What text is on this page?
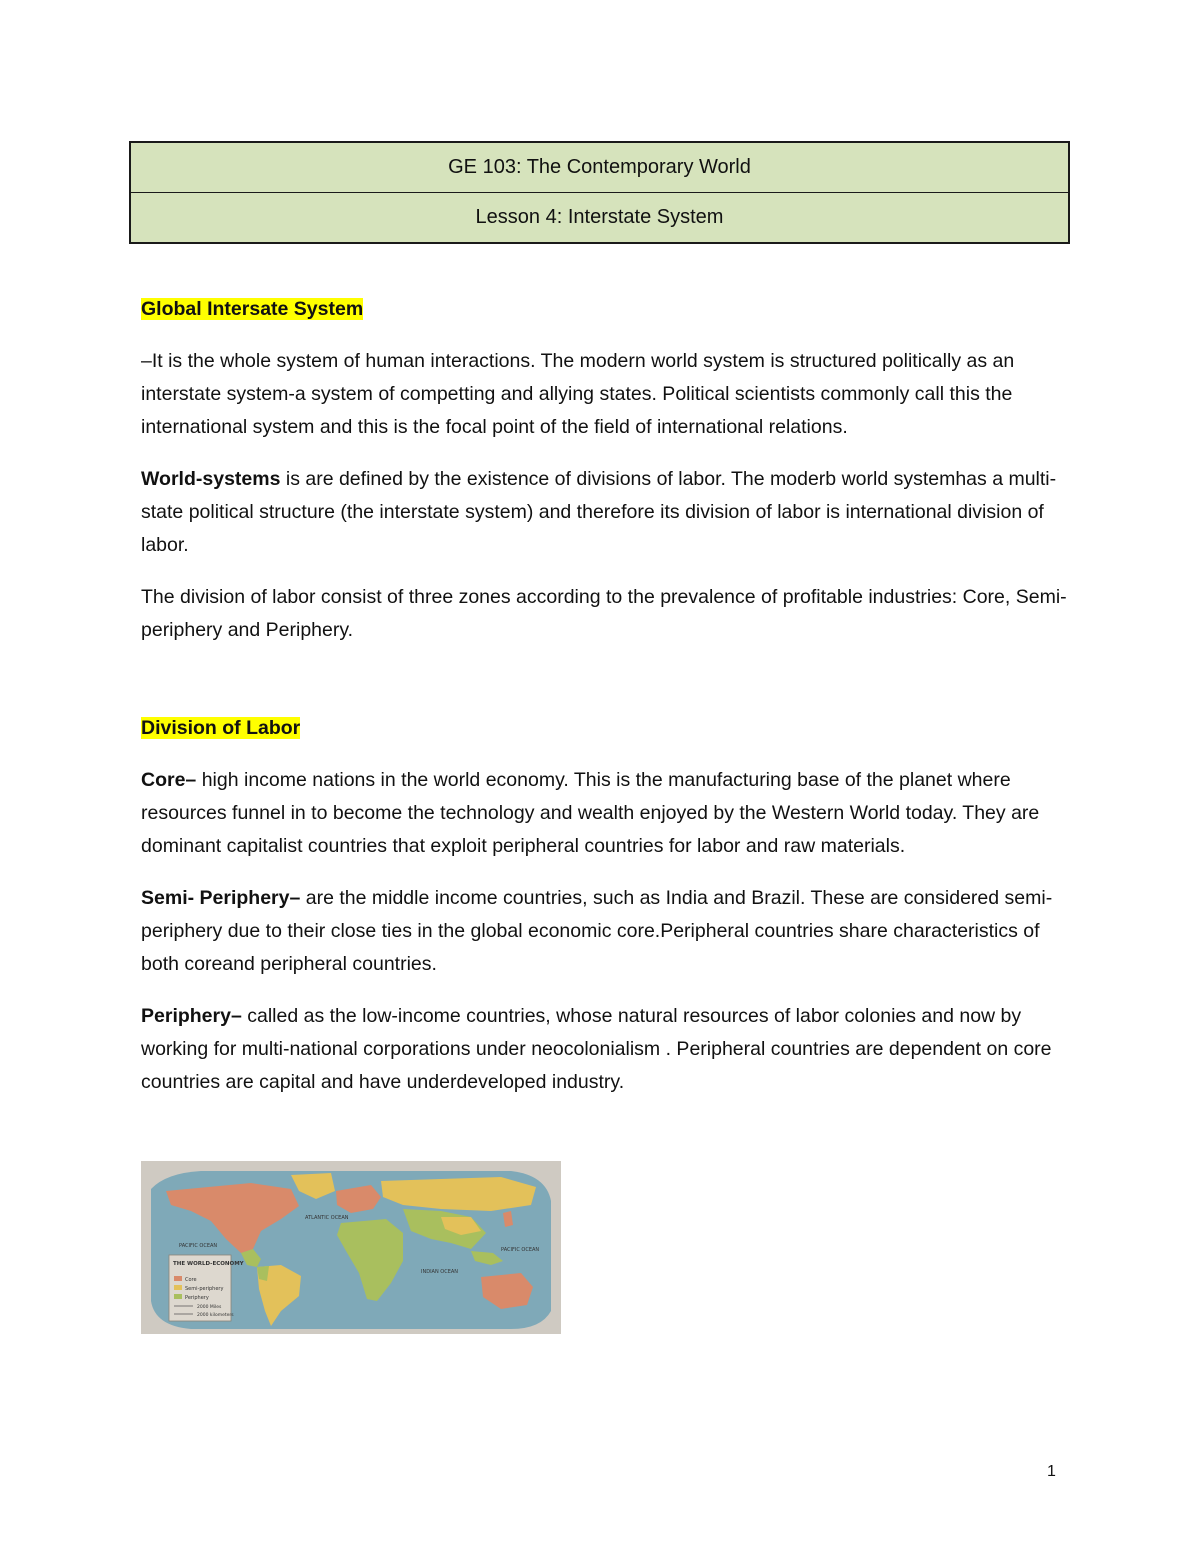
GE 103: The Contemporary World
Lesson 4: Interstate System

Global Intersate System

–It is the whole system of human interactions. The modern world system is structured politically as an interstate system-a system of competting and allying states. Political scientists commonly call this the international system and this is the focal point of the field of international relations.

World-systems is are defined by the existence of divisions of labor. The moderb world systemhas a multi-state political structure (the interstate system) and therefore its division of labor is international division of labor.

The division of labor consist of three zones according to the prevalence of profitable industries: Core, Semi-periphery and Periphery.

Division of Labor

Core– high income nations in the world economy. This is the manufacturing base of the planet where resources funnel in to become the technology and wealth enjoyed by the Western World today. They are dominant capitalist countries that exploit peripheral countries for labor and raw materials.

Semi- Periphery– are the middle income countries, such as India and Brazil. These are considered semi-periphery due to their close ties in the global economic core.Peripheral countries share characteristics of both coreand peripheral countries.

Periphery– called as the low-income countries, whose natural resources of labor colonies and now by working for multi-national corporations under neocolonialism . Peripheral countries are dependent on core countries are capital and have underdeveloped industry.

THE WORLD-ECONOMY
Core
Semi-periphery
Periphery
2000 Miles
2000 kilometers
ATLANTIC OCEAN
PACIFIC OCEAN
INDIAN OCEAN
PACIFIC OCEAN
1
